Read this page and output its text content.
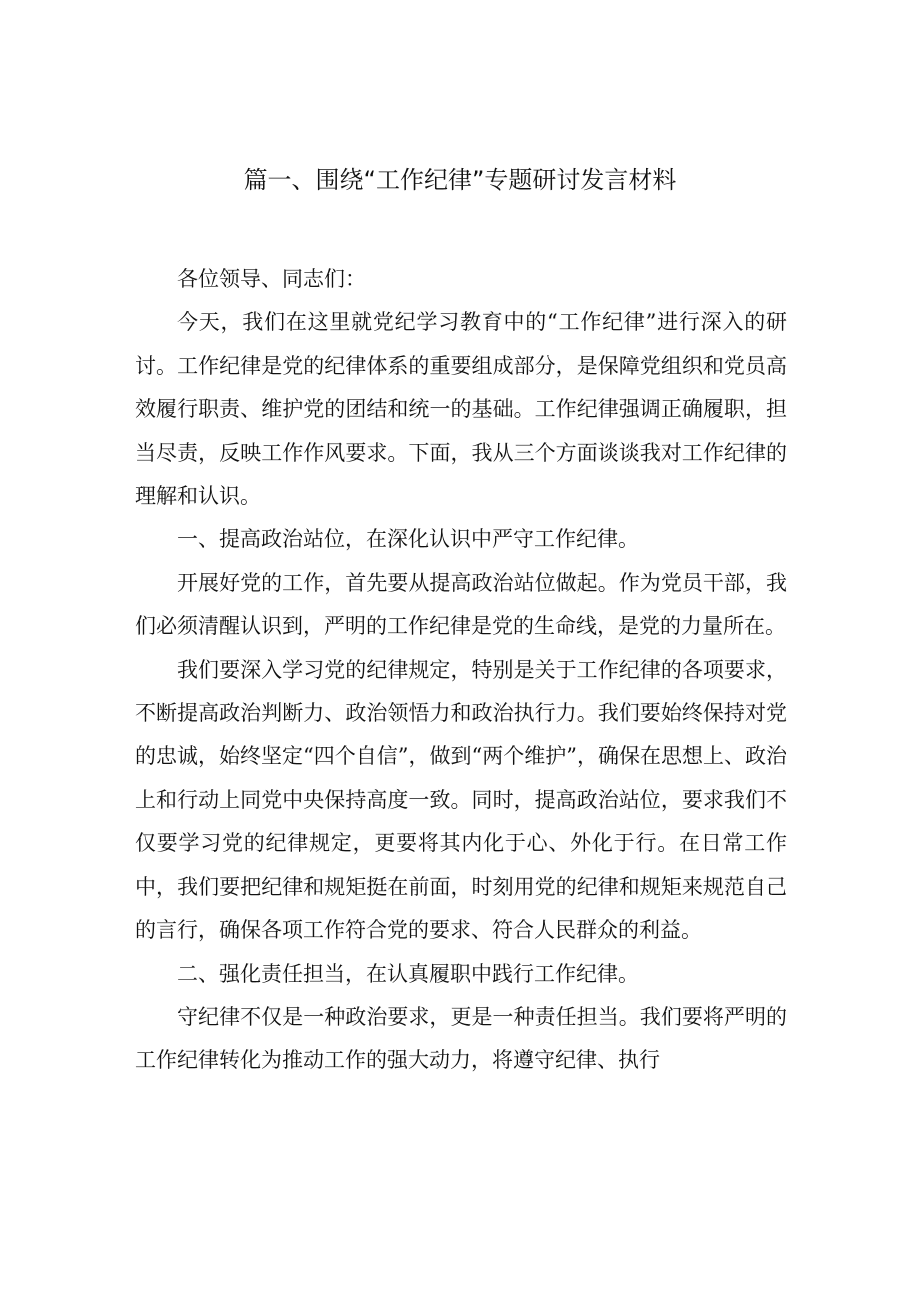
篇一、围绕“工作纪律”专题研讨发言材料

各位领导、同志们：

今天，我们在这里就党纪学习教育中的“工作纪律”进行深入的研讨。工作纪律是党的纪律体系的重要组成部分，是保障党组织和党员高效履行职责、维护党的团结和统一的基础。工作纪律强调正确履职，担当尽责，反映工作作风要求。下面，我从三个方面谈谈我对工作纪律的理解和认识。

一、提高政治站位，在深化认识中严守工作纪律。

开展好党的工作，首先要从提高政治站位做起。作为党员干部，我们必须清醒认识到，严明的工作纪律是党的生命线，是党的力量所在。

我们要深入学习党的纪律规定，特别是关于工作纪律的各项要求，不断提高政治判断力、政治领悟力和政治执行力。我们要始终保持对党的忠诚，始终坚定“四个自信”，做到“两个维护”，确保在思想上、政治上和行动上同党中央保持高度一致。同时，提高政治站位，要求我们不仅要学习党的纪律规定，更要将其内化于心、外化于行。在日常工作中，我们要把纪律和规矩挺在前面，时刻用党的纪律和规矩来规范自己的言行，确保各项工作符合党的要求、符合人民群众的利益。

二、强化责任担当，在认真履职中践行工作纪律。

守纪律不仅是一种政治要求，更是一种责任担当。我们要将严明的工作纪律转化为推动工作的强大动力，将遵守纪律、执行
